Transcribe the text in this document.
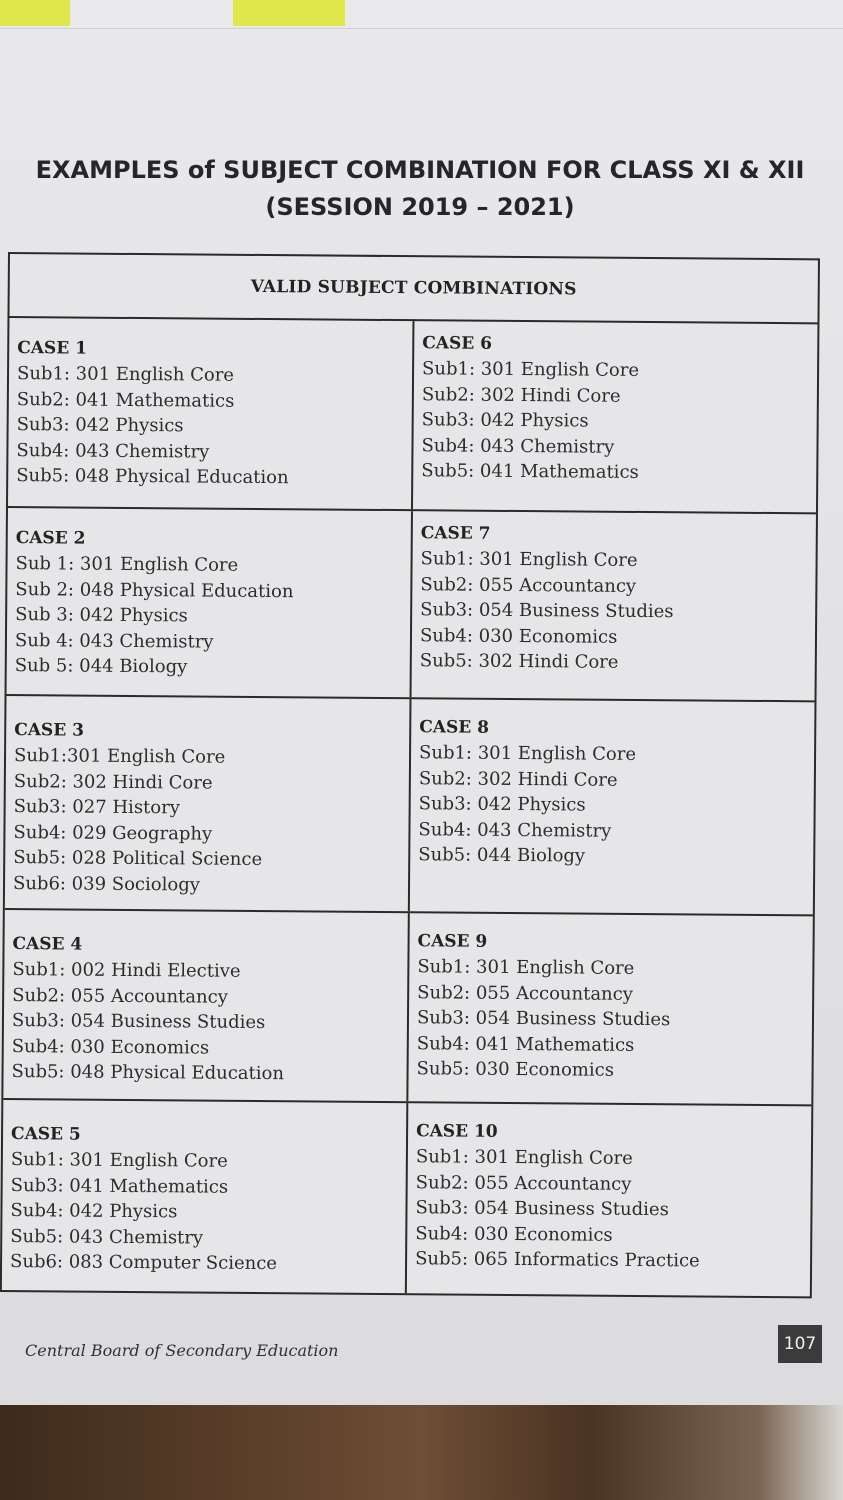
EXAMPLES of SUBJECT COMBINATION FOR CLASS XI & XII
(SESSION 2019 – 2021)
VALID SUBJECT COMBINATIONS
CASE 1
Sub1: 301 English Core
Sub2: 041 Mathematics
Sub3: 042 Physics
Sub4: 043 Chemistry
Sub5: 048 Physical Education
CASE 6
Sub1: 301 English Core
Sub2: 302 Hindi Core
Sub3: 042 Physics
Sub4: 043 Chemistry
Sub5: 041 Mathematics
CASE 2
Sub 1: 301 English Core
Sub 2: 048 Physical Education
Sub 3: 042 Physics
Sub 4: 043 Chemistry
Sub 5: 044 Biology
CASE 7
Sub1: 301 English Core
Sub2: 055 Accountancy
Sub3: 054 Business Studies
Sub4: 030 Economics
Sub5: 302 Hindi Core
CASE 3
Sub1:301 English Core
Sub2: 302 Hindi Core
Sub3: 027 History
Sub4: 029 Geography
Sub5: 028 Political Science
Sub6: 039 Sociology
CASE 8
Sub1: 301 English Core
Sub2: 302 Hindi Core
Sub3: 042 Physics
Sub4: 043 Chemistry
Sub5: 044 Biology
CASE 4
Sub1: 002 Hindi Elective
Sub2: 055 Accountancy
Sub3: 054 Business Studies
Sub4: 030 Economics
Sub5: 048 Physical Education
CASE 9
Sub1: 301 English Core
Sub2: 055 Accountancy
Sub3: 054 Business Studies
Sub4: 041 Mathematics
Sub5: 030 Economics
CASE 5
Sub1: 301 English Core
Sub3: 041 Mathematics
Sub4: 042 Physics
Sub5: 043 Chemistry
Sub6: 083 Computer Science
CASE 10
Sub1: 301 English Core
Sub2: 055 Accountancy
Sub3: 054 Business Studies
Sub4: 030 Economics
Sub5: 065 Informatics Practice
Central Board of Secondary Education	107
